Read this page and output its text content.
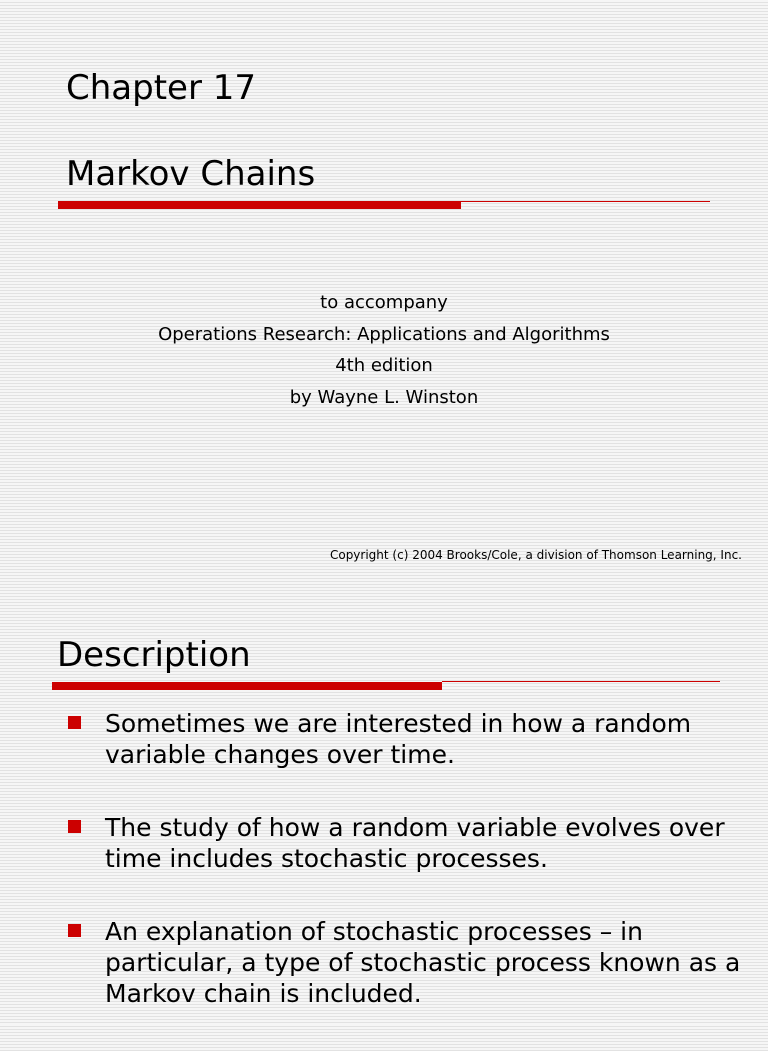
Chapter 17
Markov Chains
to accompany
Operations Research: Applications and Algorithms
4th edition
by Wayne L. Winston
Copyright (c) 2004 Brooks/Cole, a division of Thomson Learning, Inc.
Description
Sometimes we are interested in how a random variable changes over time.
The study of how a random variable evolves over time includes stochastic processes.
An explanation of stochastic processes – in particular, a type of stochastic process known as a Markov chain is included.
